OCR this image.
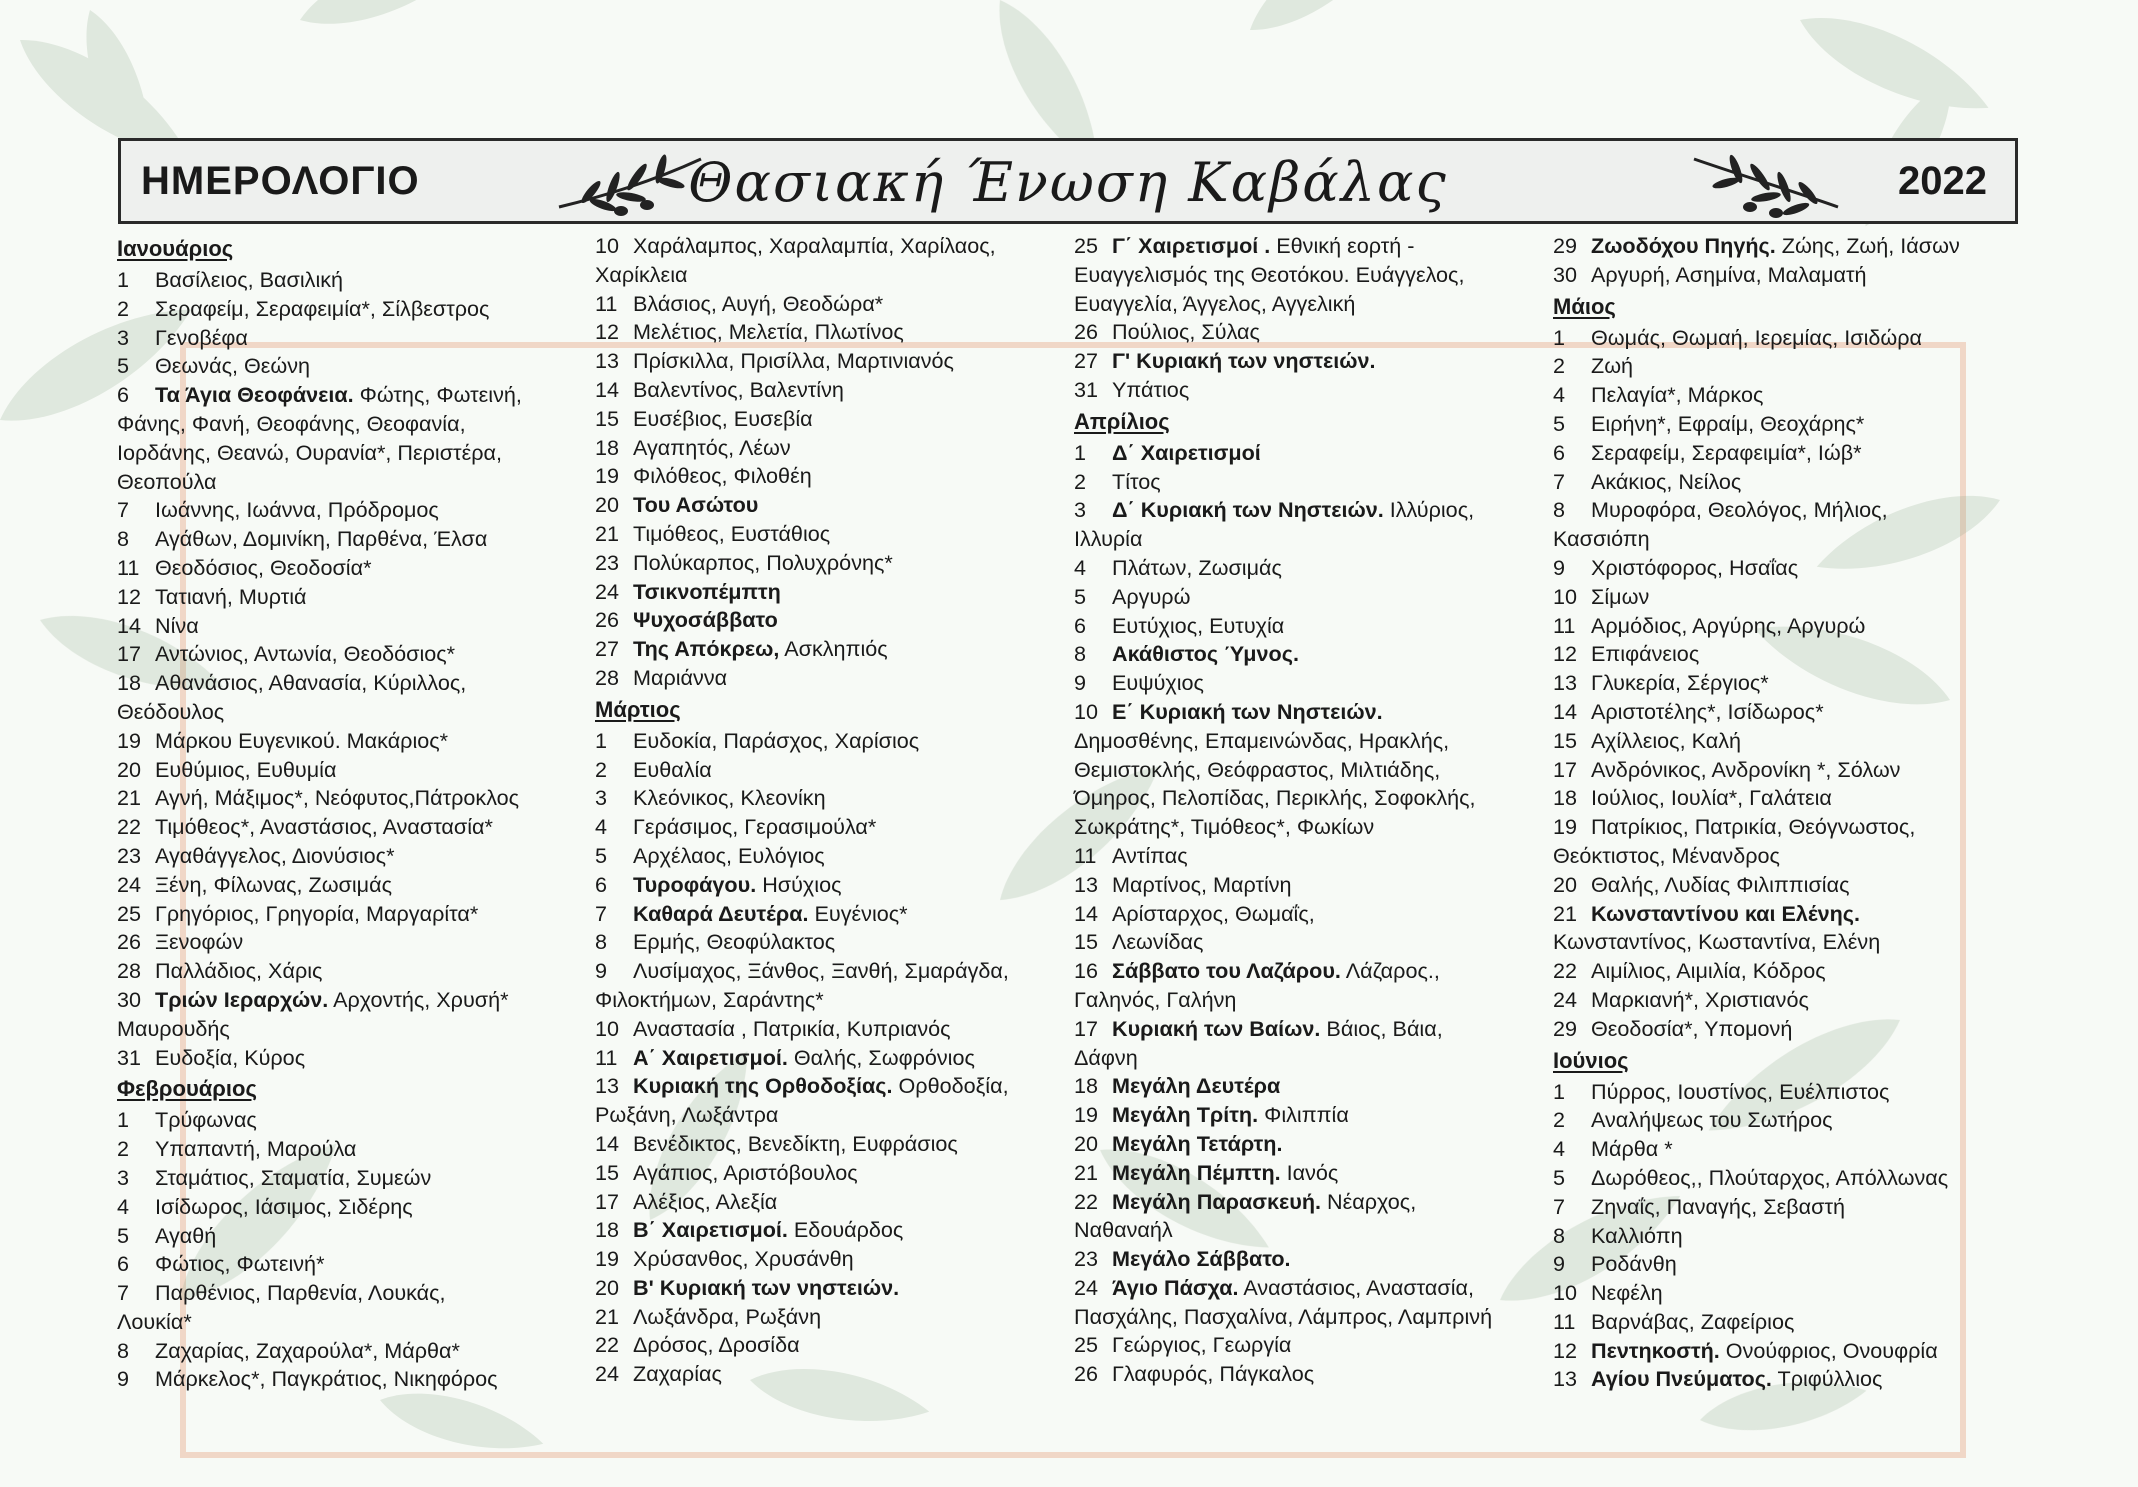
ΗΜΕΡΟΛΟΓΙΟ	Θασιακή Ένωση Καβάλας	2022
Ιανουάριος
1 Βασίλειος, Βασιλική
2 Σεραφείμ, Σεραφειμία*, Σίλβεστρος
3 Γενοβέφα
5 Θεωνάς, Θεώνη
6 Τα Άγια Θεοφάνεια. Φώτης, Φωτεινή,
Φάνης, Φανή, Θεοφάνης, Θεοφανία,
Ιορδάνης, Θεανώ, Ουρανία*, Περιστέρα,
Θεοπούλα
7 Ιωάννης, Ιωάννα, Πρόδρομος
8 Αγάθων, Δομινίκη, Παρθένα, Έλσα
11 Θεοδόσιος, Θεοδοσία*
12 Τατιανή, Μυρτιά
14 Νίνα
17 Αντώνιος, Αντωνία, Θεοδόσιος*
18 Αθανάσιος, Αθανασία, Κύριλλος,
Θεόδουλος
19 Μάρκου Ευγενικού. Μακάριος*
20 Ευθύμιος, Ευθυμία
21 Αγνή, Μάξιμος*, Νεόφυτος,Πάτροκλος
22 Τιμόθεος*, Αναστάσιος, Αναστασία*
23 Αγαθάγγελος, Διονύσιος*
24 Ξένη, Φίλωνας, Ζωσιμάς
25 Γρηγόριος, Γρηγορία, Μαργαρίτα*
26 Ξενοφών
28 Παλλάδιος, Χάρις
30 Τριών Ιεραρχών. Αρχοντής, Χρυσή*
Μαυρουδής
31 Ευδοξία, Κύρος
Φεβρουάριος
1 Τρύφωνας
2 Υπαπαντή, Μαρούλα
3 Σταμάτιος, Σταματία, Συμεών
4 Ισίδωρος, Ιάσιμος, Σιδέρης
5 Αγαθή
6 Φώτιος, Φωτεινή*
7 Παρθένιος, Παρθενία, Λουκάς,
Λουκία*
8 Ζαχαρίας, Ζαχαρούλα*, Μάρθα*
9 Μάρκελος*, Παγκράτιος, Νικηφόρος
10 Χαράλαμπος, Χαραλαμπία, Χαρίλαος,
Χαρίκλεια
11 Βλάσιος, Αυγή, Θεοδώρα*
12 Μελέτιος, Μελετία, Πλωτίνος
13 Πρίσκιλλα, Πρισίλλα, Μαρτινιανός
14 Βαλεντίνος, Βαλεντίνη
15 Ευσέβιος, Ευσεβία
18 Αγαπητός, Λέων
19 Φιλόθεος, Φιλοθέη
20 Του Ασώτου
21 Τιμόθεος, Ευστάθιος
23 Πολύκαρπος, Πολυχρόνης*
24 Τσικνοπέμπτη
26 Ψυχοσάββατο
27 Της Απόκρεω, Ασκληπιός
28 Μαριάννα
Μάρτιος
1 Ευδοκία, Παράσχος, Χαρίσιος
2 Ευθαλία
3 Κλεόνικος, Κλεονίκη
4 Γεράσιμος, Γερασιμούλα*
5 Αρχέλαος, Ευλόγιος
6 Τυροφάγου. Ησύχιος
7 Καθαρά Δευτέρα. Ευγένιος*
8 Ερμής, Θεοφύλακτος
9 Λυσίμαχος, Ξάνθος, Ξανθή, Σμαράγδα,
Φιλοκτήμων, Σαράντης*
10 Αναστασία , Πατρικία, Κυπριανός
11 Α΄ Χαιρετισμοί. Θαλής, Σωφρόνιος
13 Κυριακή της Ορθοδοξίας. Ορθοδοξία,
Ρωξάνη, Λωξάντρα
14 Βενέδικτος, Βενεδίκτη, Ευφράσιος
15 Αγάπιος, Αριστόβουλος
17 Αλέξιος, Αλεξία
18 Β΄ Χαιρετισμοί. Εδουάρδος
19 Χρύσανθος, Χρυσάνθη
20 Β' Κυριακή των νηστειών.
21 Λωξάνδρα, Ρωξάνη
22 Δρόσος, Δροσίδα
24 Ζαχαρίας
25 Γ΄ Χαιρετισμοί . Εθνική εορτή -
Ευαγγελισμός της Θεοτόκου. Ευάγγελος,
Ευαγγελία, Άγγελος, Αγγελική
26 Πούλιος, Σύλας
27 Γ' Κυριακή των νηστειών.
31 Υπάτιος
Απρίλιος
1 Δ΄ Χαιρετισμοί
2 Τίτος
3 Δ΄ Κυριακή των Νηστειών. Ιλλύριος,
Ιλλυρία
4 Πλάτων, Ζωσιμάς
5 Αργυρώ
6 Ευτύχιος, Ευτυχία
8 Ακάθιστος Ύμνος.
9 Ευψύχιος
10 Ε΄ Κυριακή των Νηστειών.
Δημοσθένης, Επαμεινώνδας, Ηρακλής,
Θεμιστοκλής, Θεόφραστος, Μιλτιάδης,
Όμηρος, Πελοπίδας, Περικλής, Σοφοκλής,
Σωκράτης*, Τιμόθεος*, Φωκίων
11 Αντίπας
13 Μαρτίνος, Μαρτίνη
14 Αρίσταρχος, Θωμαΐς,
15 Λεωνίδας
16 Σάββατο του Λαζάρου. Λάζαρος.,
Γαληνός, Γαλήνη
17 Κυριακή των Βαίων. Βάιος, Βάια,
Δάφνη
18 Μεγάλη Δευτέρα
19 Μεγάλη Τρίτη. Φιλιππία
20 Μεγάλη Τετάρτη.
21 Μεγάλη Πέμπτη. Ιανός
22 Μεγάλη Παρασκευή. Νέαρχος,
Ναθαναήλ
23 Μεγάλο Σάββατο.
24 Άγιο Πάσχα. Αναστάσιος, Αναστασία,
Πασχάλης, Πασχαλίνα, Λάμπρος, Λαμπρινή
25 Γεώργιος, Γεωργία
26 Γλαφυρός, Πάγκαλος
29 Ζωοδόχου Πηγής. Ζώης, Ζωή, Ιάσων
30 Αργυρή, Ασημίνα, Μαλαματή
Μάιος
1 Θωμάς, Θωμαή, Ιερεμίας, Ισιδώρα
2 Ζωή
4 Πελαγία*, Μάρκος
5 Ειρήνη*, Εφραίμ, Θεοχάρης*
6 Σεραφείμ, Σεραφειμία*, Ιώβ*
7 Ακάκιος, Νείλος
8 Μυροφόρα, Θεολόγος, Μήλιος,
Κασσιόπη
9 Χριστόφορος, Ησαΐας
10 Σίμων
11 Αρμόδιος, Αργύρης, Αργυρώ
12 Επιφάνειος
13 Γλυκερία, Σέργιος*
14 Αριστοτέλης*, Ισίδωρος*
15 Αχίλλειος, Καλή
17 Ανδρόνικος, Ανδρονίκη *, Σόλων
18 Ιούλιος, Ιουλία*, Γαλάτεια
19 Πατρίκιος, Πατρικία, Θεόγνωστος,
Θεόκτιστος, Μένανδρος
20 Θαλής, Λυδίας Φιλιππισίας
21 Κωνσταντίνου και Ελένης.
Κωνσταντίνος, Κωσταντίνα, Ελένη
22 Αιμίλιος, Αιμιλία, Κόδρος
24 Μαρκιανή*, Χριστιανός
29 Θεοδοσία*, Υπομονή
Ιούνιος
1 Πύρρος, Ιουστίνος, Ευέλπιστος
2 Αναλήψεως του Σωτήρος
4 Μάρθα *
5 Δωρόθεος,, Πλούταρχος, Απόλλωνας
7 Ζηναΐς, Παναγής, Σεβαστή
8 Καλλιόπη
9 Ροδάνθη
10 Νεφέλη
11 Βαρνάβας, Ζαφείριος
12 Πεντηκοστή. Ονούφριος, Ονουφρία
13 Αγίου Πνεύματος. Τριφύλλιος
